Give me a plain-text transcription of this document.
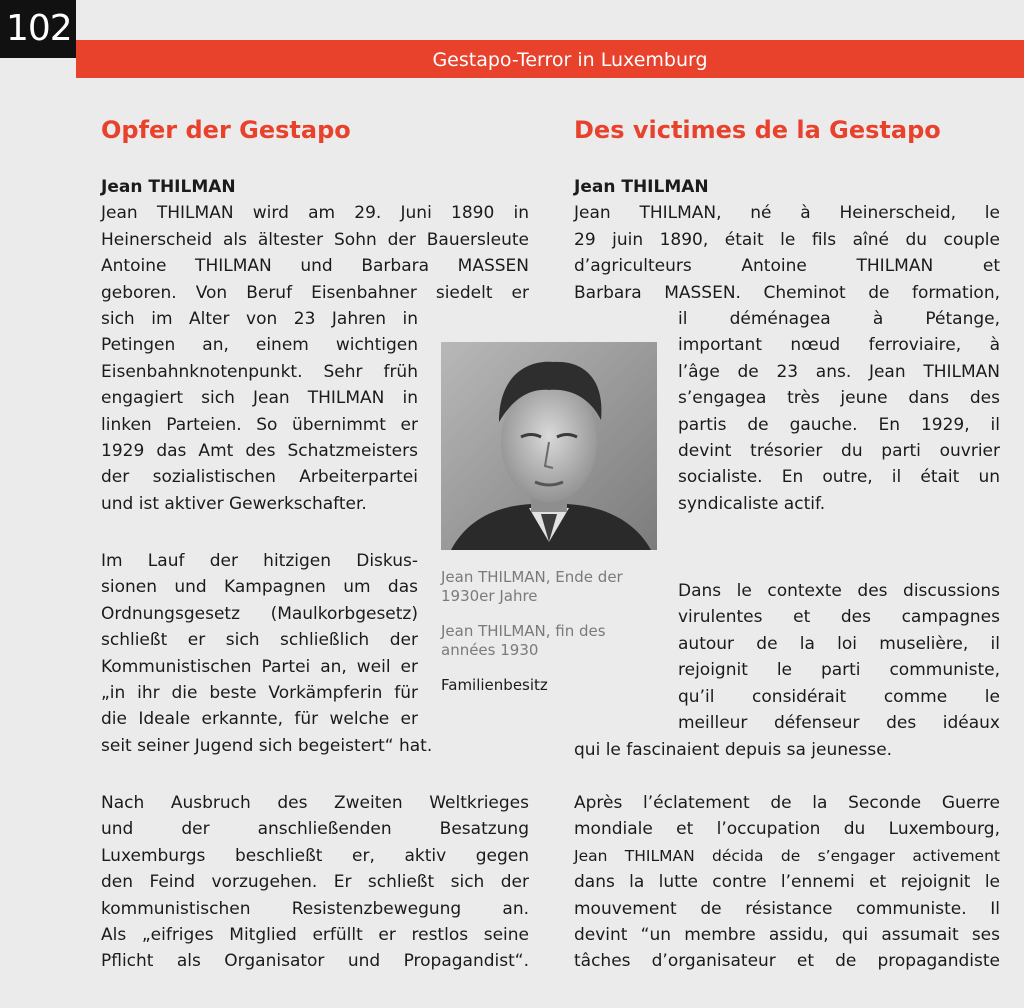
102
Gestapo-Terror in Luxemburg
Opfer der Gestapo	Des victimes de la Gestapo

Jean THILMAN

Jean THILMAN wird am 29. Juni 1890 in

Heinerscheid als ältester Sohn der Bauersleute

Antoine THILMAN und Barbara MASSEN

geboren. Von Beruf Eisenbahner siedelt er

sich im Alter von 23 Jahren in

Petingen an, einem wichtigen

Eisenbahnknotenpunkt. Sehr früh

engagiert sich Jean THILMAN in

linken Parteien. So übernimmt er

1929 das Amt des Schatzmeisters

der sozialistischen Arbeiterpartei

und ist aktiver Gewerkschafter.

Im Lauf der hitzigen Diskus-

sionen und Kampagnen um das

Ordnungsgesetz (Maulkorbgesetz)

schließt er sich schließlich der

Kommunistischen Partei an, weil er

„in ihr die beste Vorkämpferin für

die Ideale erkannte, für welche er

seit seiner Jugend sich begeistert“ hat.

Nach Ausbruch des Zweiten Weltkrieges

und der anschließenden Besatzung

Luxemburgs beschließt er, aktiv gegen

den Feind vorzugehen. Er schließt sich der

kommunistischen Resistenzbewegung an.

Als „eifriges Mitglied erfüllt er restlos seine

Pflicht als Organisator und Propagandist“.

Jean THILMAN, Ende der
1930er Jahre
Jean THILMAN, fin des
années 1930
Familienbesitz

Jean THILMAN

Jean THILMAN, né à Heinerscheid, le

29 juin 1890, était le fils aîné du couple

d’agriculteurs Antoine THILMAN et

Barbara MASSEN. Cheminot de formation,

il déménagea à Pétange,

important nœud ferroviaire, à

l’âge de 23 ans. Jean THILMAN

s’engagea très jeune dans des

partis de gauche. En 1929, il

devint trésorier du parti ouvrier

socialiste. En outre, il était un

syndicaliste actif.

Dans le contexte des discussions

virulentes et des campagnes

autour de la loi muselière, il

rejoignit le parti communiste,

qu’il considérait comme le

meilleur défenseur des idéaux

qui le fascinaient depuis sa jeunesse.

Après l’éclatement de la Seconde Guerre

mondiale et l’occupation du Luxembourg,

Jean THILMAN décida de s’engager activement

dans la lutte contre l’ennemi et rejoignit le

mouvement de résistance communiste. Il

devint “un membre assidu, qui assumait ses

tâches d’organisateur et de propagandiste
